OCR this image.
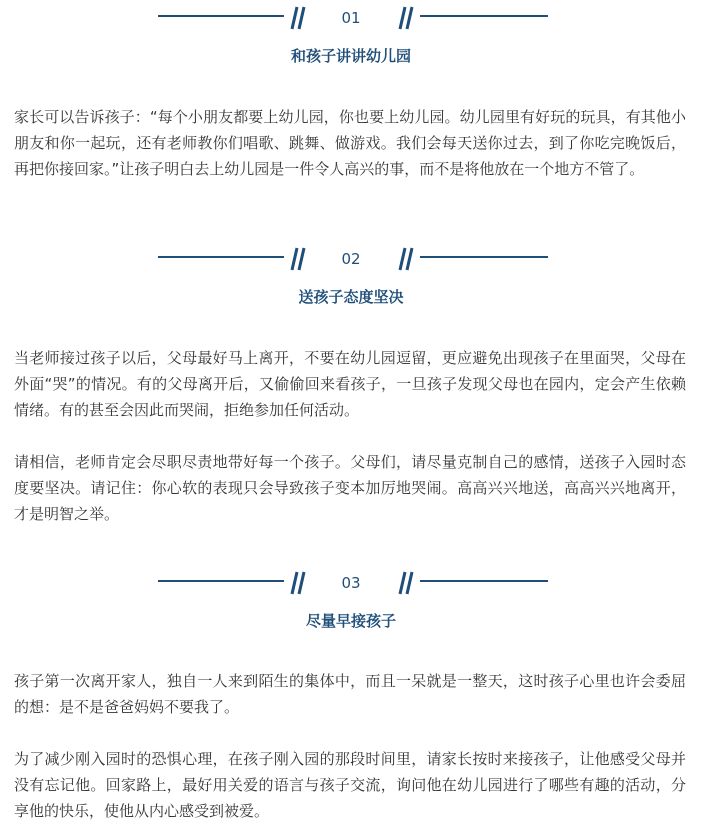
01
和孩子讲讲幼儿园

家长可以告诉孩子：“每个小朋友都要上幼儿园，你也要上幼儿园。幼儿园里有好玩的玩具，有其他小朋友和你一起玩，还有老师教你们唱歌、跳舞、做游戏。我们会每天送你过去，到了你吃完晚饭后，再把你接回家。”让孩子明白去上幼儿园是一件令人高兴的事，而不是将他放在一个地方不管了。

02
送孩子态度坚决

当老师接过孩子以后，父母最好马上离开，不要在幼儿园逗留，更应避免出现孩子在里面哭，父母在外面“哭”的情况。有的父母离开后，又偷偷回来看孩子，一旦孩子发现父母也在园内，定会产生依赖情绪。有的甚至会因此而哭闹，拒绝参加任何活动。

请相信，老师肯定会尽职尽责地带好每一个孩子。父母们，请尽量克制自己的感情，送孩子入园时态度要坚决。请记住：你心软的表现只会导致孩子变本加厉地哭闹。高高兴兴地送，高高兴兴地离开，才是明智之举。

03
尽量早接孩子

孩子第一次离开家人，独自一人来到陌生的集体中，而且一呆就是一整天，这时孩子心里也许会委屈的想：是不是爸爸妈妈不要我了。

为了减少刚入园时的恐惧心理，在孩子刚入园的那段时间里，请家长按时来接孩子，让他感受父母并没有忘记他。回家路上，最好用关爱的语言与孩子交流，询问他在幼儿园进行了哪些有趣的活动，分享他的快乐，使他从内心感受到被爱。
